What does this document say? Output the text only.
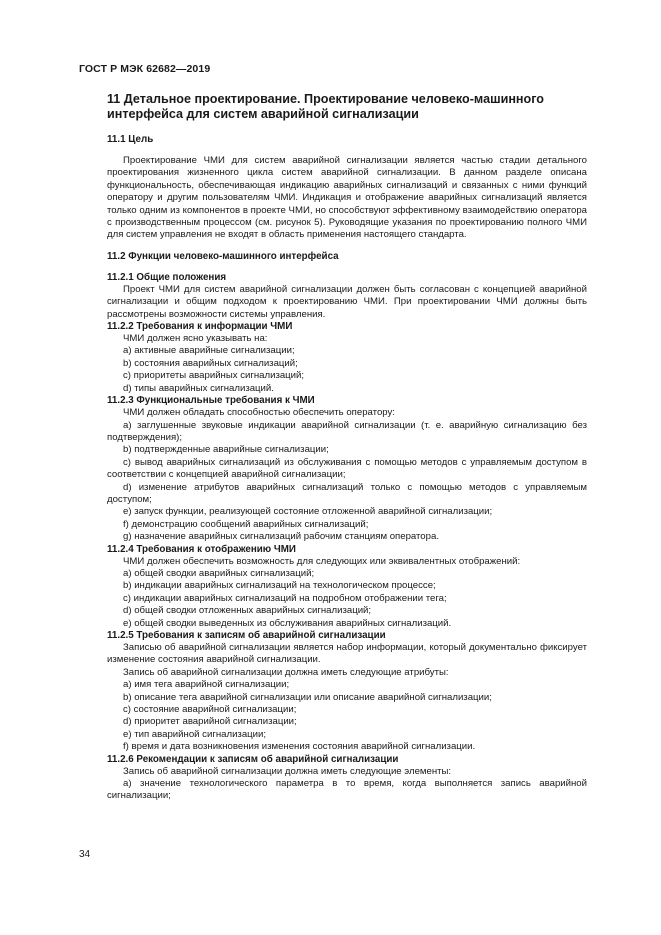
ГОСТ Р МЭК 62682—2019
11 Детальное проектирование. Проектирование человеко-машинного интерфейса для систем аварийной сигнализации
11.1 Цель
Проектирование ЧМИ для систем аварийной сигнализации является частью стадии детального проектирования жизненного цикла систем аварийной сигнализации. В данном разделе описана функциональность, обеспечивающая индикацию аварийных сигнализаций и связанных с ними функций оператору и другим пользователям ЧМИ. Индикация и отображение аварийных сигнализаций является только одним из компонентов в проекте ЧМИ, но способствуют эффективному взаимодействию оператора с производственным процессом (см. рисунок 5). Руководящие указания по проектированию полного ЧМИ для систем управления не входят в область применения настоящего стандарта.
11.2 Функции человеко-машинного интерфейса
11.2.1 Общие положения
Проект ЧМИ для систем аварийной сигнализации должен быть согласован с концепцией аварийной сигнализации и общим подходом к проектированию ЧМИ. При проектировании ЧМИ должны быть рассмотрены возможности системы управления.
11.2.2 Требования к информации ЧМИ
ЧМИ должен ясно указывать на:
a) активные аварийные сигнализации;
b) состояния аварийных сигнализаций;
c) приоритеты аварийных сигнализаций;
d) типы аварийных сигнализаций.
11.2.3 Функциональные требования к ЧМИ
ЧМИ должен обладать способностью обеспечить оператору:
a) заглушенные звуковые индикации аварийной сигнализации (т. е. аварийную сигнализацию без подтверждения);
b) подтвержденные аварийные сигнализации;
c) вывод аварийных сигнализаций из обслуживания с помощью методов с управляемым доступом в соответствии с концепцией аварийной сигнализации;
d) изменение атрибутов аварийных сигнализаций только с помощью методов с управляемым доступом;
e) запуск функции, реализующей состояние отложенной аварийной сигнализации;
f) демонстрацию сообщений аварийных сигнализаций;
g) назначение аварийных сигнализаций рабочим станциям оператора.
11.2.4 Требования к отображению ЧМИ
ЧМИ должен обеспечить возможность для следующих или эквивалентных отображений:
a) общей сводки аварийных сигнализаций;
b) индикации аварийных сигнализаций на технологическом процессе;
c) индикации аварийных сигнализаций на подробном отображении тега;
d) общей сводки отложенных аварийных сигнализаций;
e) общей сводки выведенных из обслуживания аварийных сигнализаций.
11.2.5 Требования к записям об аварийной сигнализации
Записью об аварийной сигнализации является набор информации, который документально фиксирует изменение состояния аварийной сигнализации.
Запись об аварийной сигнализации должна иметь следующие атрибуты:
a) имя тега аварийной сигнализации;
b) описание тега аварийной сигнализации или описание аварийной сигнализации;
c) состояние аварийной сигнализации;
d) приоритет аварийной сигнализации;
e) тип аварийной сигнализации;
f) время и дата возникновения изменения состояния аварийной сигнализации.
11.2.6 Рекомендации к записям об аварийной сигнализации
Запись об аварийной сигнализации должна иметь следующие элементы:
a) значение технологического параметра в то время, когда выполняется запись аварийной сигнализации;
34
